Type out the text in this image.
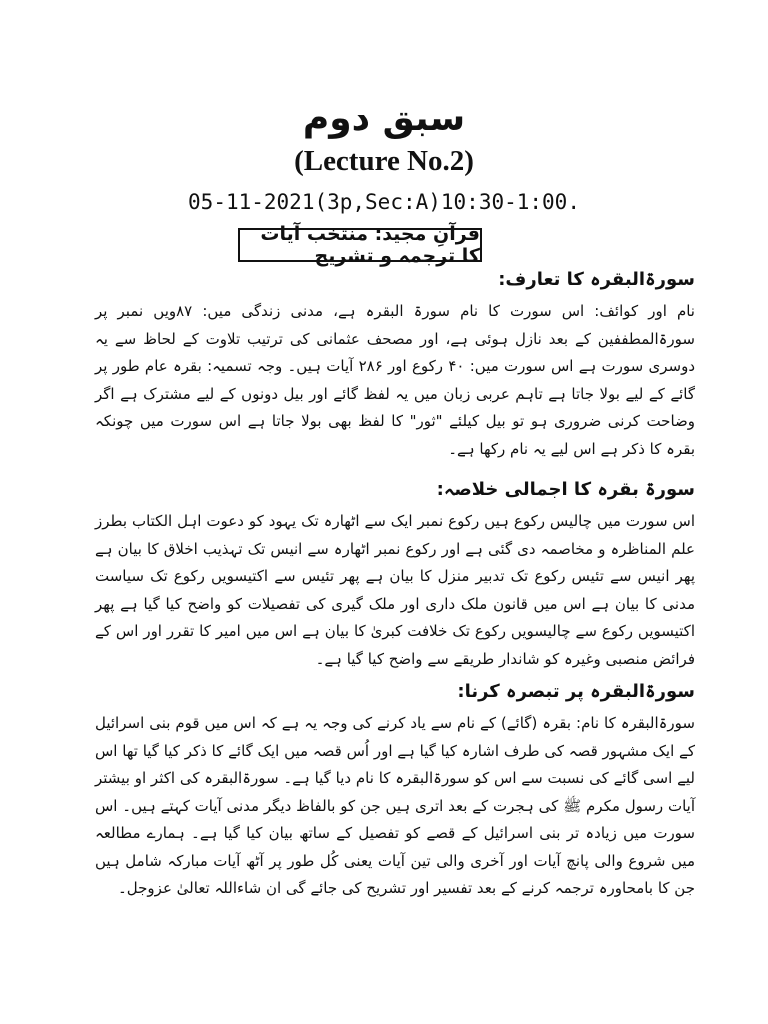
سبق دوم
(Lecture No.2)
05-11-2021(3p,Sec:A)10:30-1:00.
قرآنِ مجید: منتخب آیات کا ترجمہ و تشریح

سورۃالبقرہ کا تعارف:

نام اور کوائف: اس سورت کا نام سورۃ البقرہ ہے، مدنی زندگی میں: ۸۷ویں نمبر پر سورۃالمطففین کے بعد نازل ہوئی ہے، اور مصحف عثمانی کی ترتیب تلاوت کے لحاظ سے یہ دوسری سورت ہے اس سورت میں: ۴۰ رکوع اور ۲۸۶ آیات ہیں۔ وجہ تسمیہ: بقرہ عام طور پر گائے کے لیے بولا جاتا ہے تاہم عربی زبان میں یہ لفظ گائے اور بیل دونوں کے لیے مشترک ہے اگر وضاحت کرنی ضروری ہو تو بیل کیلئے "ثور" کا لفظ بھی بولا جاتا ہے اس سورت میں چونکہ بقرہ کا ذکر ہے اس لیے یہ نام رکھا ہے۔

سورۃ بقرہ کا اجمالی خلاصہ:

اس سورت میں چالیس رکوع ہیں رکوع نمبر ایک سے اٹھارہ تک یہود کو دعوت اہل الکتاب بطرز علم المناظرہ و مخاصمہ دی گئی ہے اور رکوع نمبر اٹھارہ سے انیس تک تہذیب اخلاق کا بیان ہے پھر انیس سے تئیس رکوع تک تدبیر منزل کا بیان ہے پھر تئیس سے اکتیسویں رکوع تک سیاست مدنی کا بیان ہے اس میں قانون ملک داری اور ملک گیری کی تفصیلات کو واضح کیا گیا ہے پھر اکتیسویں رکوع سے چالیسویں رکوع تک خلافت کبریٰ کا بیان ہے اس میں امیر کا تقرر اور اس کے فرائض منصبی وغیرہ کو شاندار طریقے سے واضح کیا گیا ہے۔

سورۃالبقرہ پر تبصرہ کرنا:

سورۃالبقرہ کا نام: بقرہ (گائے) کے نام سے یاد کرنے کی وجہ یہ ہے کہ اس میں قوم بنی اسرائیل کے ایک مشہور قصہ کی طرف اشارہ کیا گیا ہے اور اُس قصہ میں ایک گائے کا ذکر کیا گیا تھا اس لیے اسی گائے کی نسبت سے اس کو سورۃالبقرہ کا نام دیا گیا ہے۔ سورۃالبقرہ کی اکثر او بیشتر آیات رسول مکرم ﷺ کی ہجرت کے بعد اتری ہیں جن کو بالفاظ دیگر مدنی آیات کہتے ہیں۔ اس سورت میں زیادہ تر بنی اسرائیل کے قصے کو تفصیل کے ساتھ بیان کیا گیا ہے۔ ہمارے مطالعہ میں شروع والی پانچ آیات اور آخری والی تین آیات یعنی کُل طور پر آٹھ آیات مبارکہ شامل ہیں جن کا بامحاورہ ترجمہ کرنے کے بعد تفسیر اور تشریح کی جائے گی ان شاءاللہ تعالیٰ عزوجل۔
